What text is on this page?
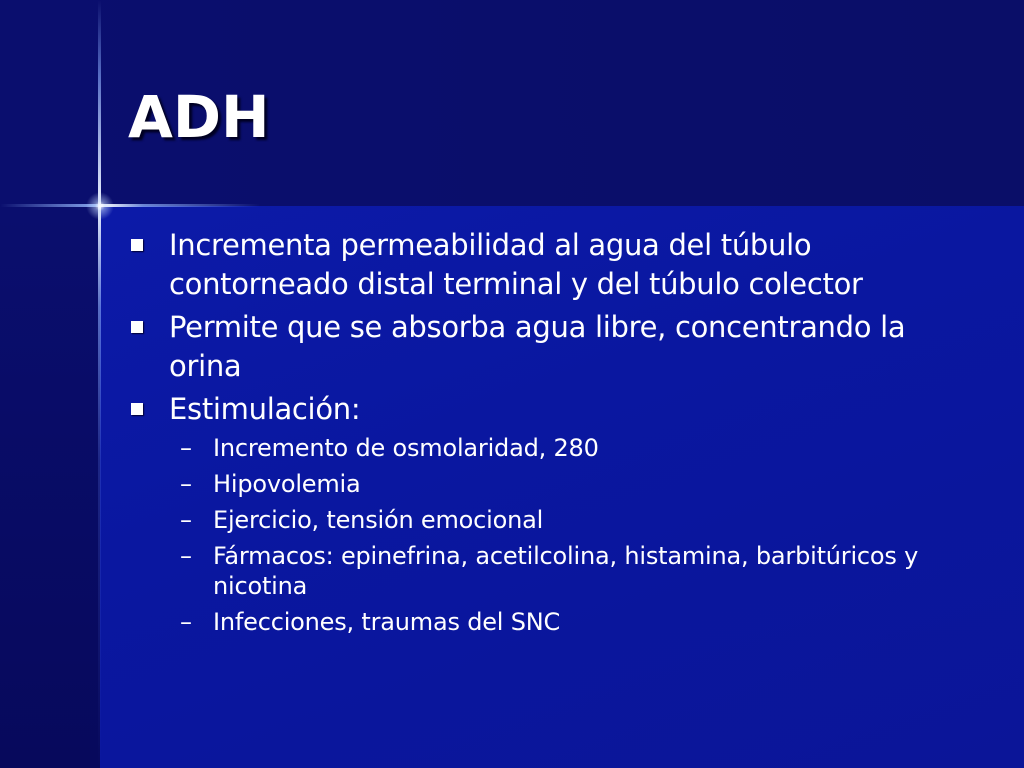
ADH
Incrementa permeabilidad al agua del túbulo contorneado distal terminal y del túbulo colector
Permite que se absorba agua libre, concentrando la orina
Estimulación:
– Incremento de osmolaridad, 280
– Hipovolemia
– Ejercicio, tensión emocional
– Fármacos: epinefrina, acetilcolina, histamina, barbitúricos y nicotina
– Infecciones, traumas del SNC
